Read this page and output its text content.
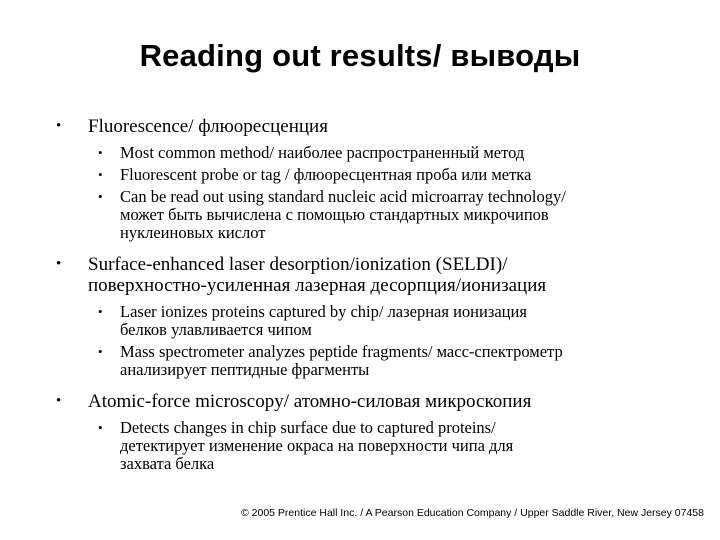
Reading out results/ выводы
• Fluorescence/ флюоресценция
• Most common method/ наиболее распространенный метод
• Fluorescent probe or tag / флюоресцентная проба или метка
• Can be read out using standard nucleic acid microarray technology/
может быть вычислена с помощью стандартных микрочипов
нуклеиновых кислот
• Surface-enhanced laser desorption/ionization (SELDI)/
поверхностно-усиленная лазерная десорпция/ионизация
• Laser ionizes proteins captured by chip/ лазерная ионизация
белков улавливается чипом
• Mass spectrometer analyzes peptide fragments/ масс-спектрометр
анализирует пептидные фрагменты
• Atomic-force microscopy/ атомно-силовая микроскопия
• Detects changes in chip surface due to captured proteins/
детектирует изменение окраса на поверхности чипа для
захвата белка
© 2005 Prentice Hall Inc. / A Pearson Education Company / Upper Saddle River, New Jersey 07458
